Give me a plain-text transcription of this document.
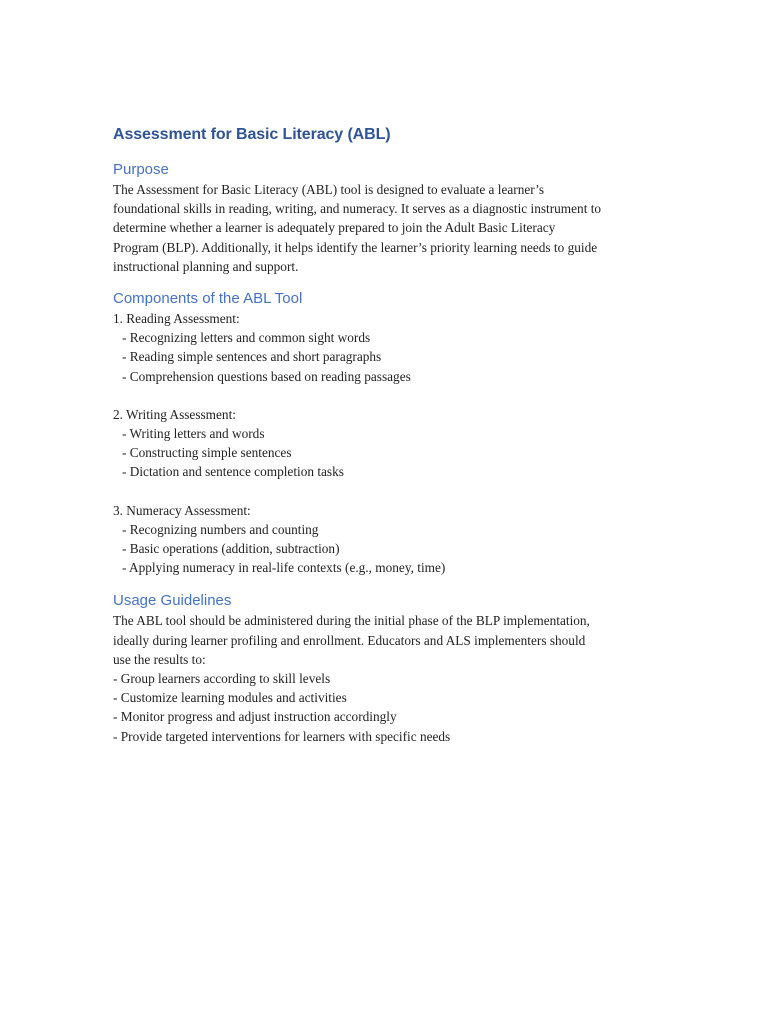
Assessment for Basic Literacy (ABL)
Purpose

The Assessment for Basic Literacy (ABL) tool is designed to evaluate a learner’s

foundational skills in reading, writing, and numeracy. It serves as a diagnostic instrument to

determine whether a learner is adequately prepared to join the Adult Basic Literacy

Program (BLP). Additionally, it helps identify the learner’s priority learning needs to guide

instructional planning and support.

Components of the ABL Tool

1. Reading Assessment:

- Recognizing letters and common sight words

- Reading simple sentences and short paragraphs

- Comprehension questions based on reading passages

2. Writing Assessment:

- Writing letters and words

- Constructing simple sentences

- Dictation and sentence completion tasks

3. Numeracy Assessment:

- Recognizing numbers and counting

- Basic operations (addition, subtraction)

- Applying numeracy in real-life contexts (e.g., money, time)

Usage Guidelines

The ABL tool should be administered during the initial phase of the BLP implementation,

ideally during learner profiling and enrollment. Educators and ALS implementers should

use the results to:

- Group learners according to skill levels

- Customize learning modules and activities

- Monitor progress and adjust instruction accordingly

- Provide targeted interventions for learners with specific needs
